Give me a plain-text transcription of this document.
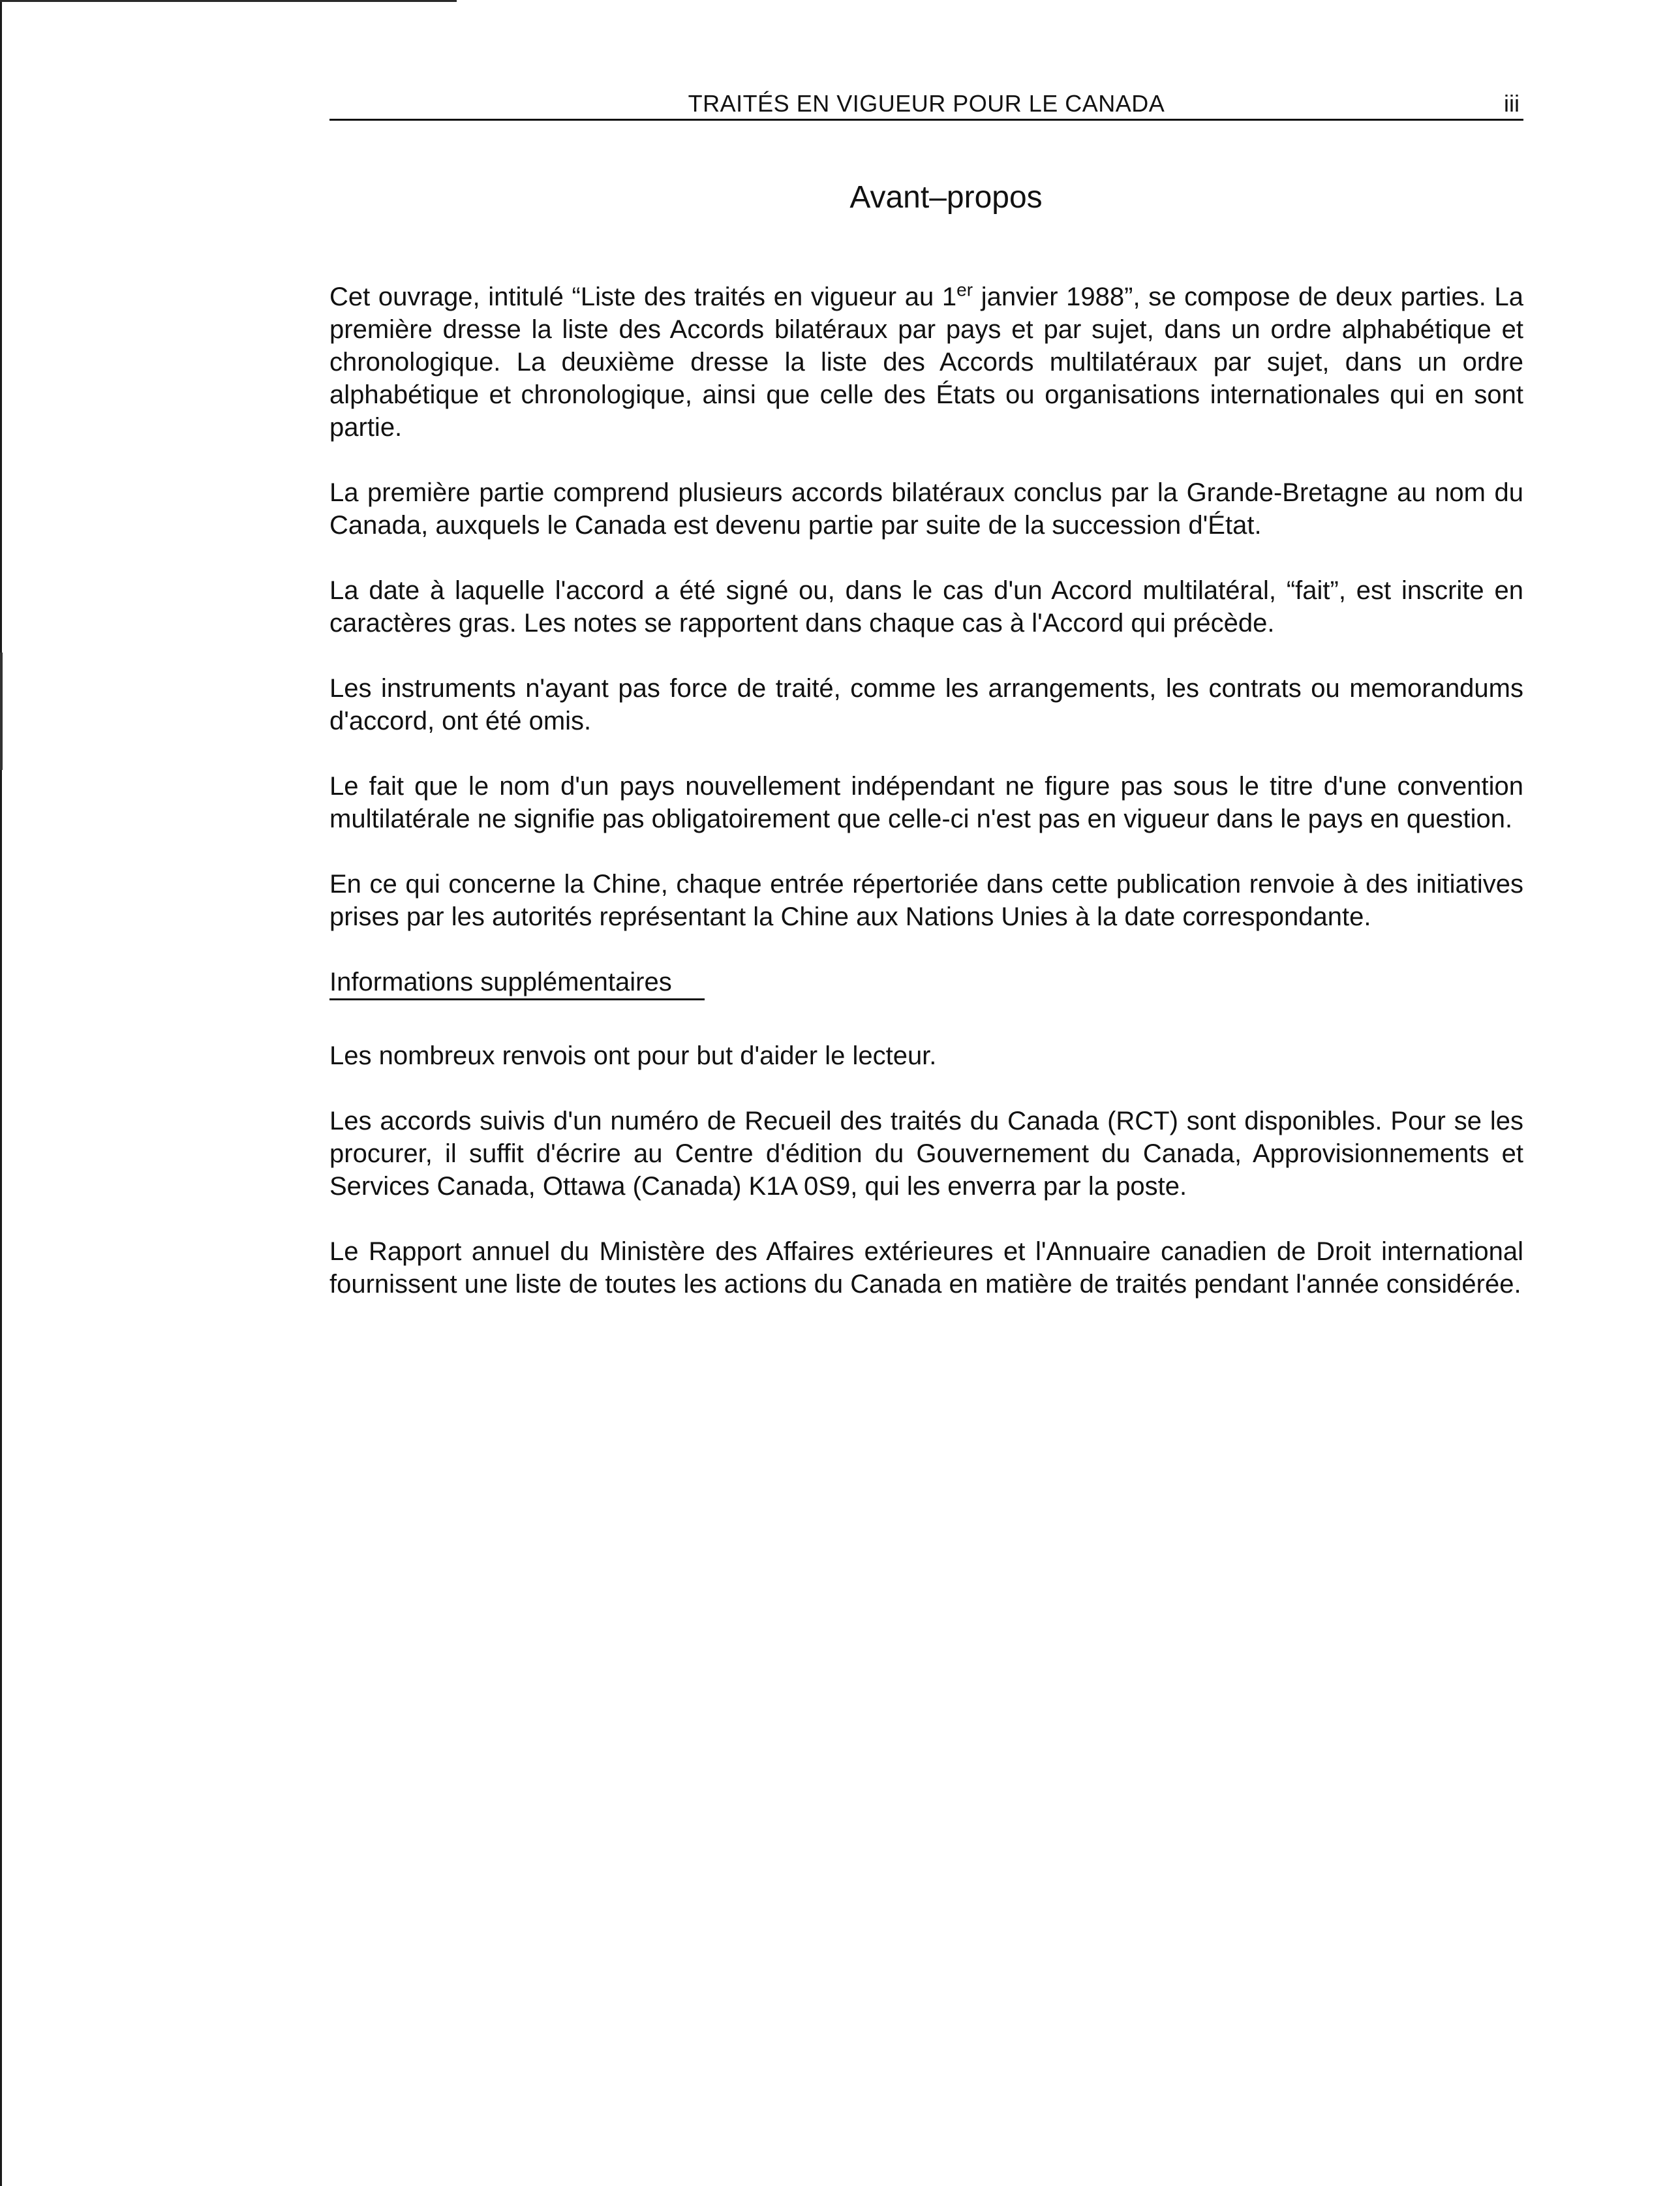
TRAITÉS EN VIGUEUR POUR LE CANADA	iii
Avant–propos

Cet ouvrage, intitulé “Liste des traités en vigueur au 1er janvier 1988”, se compose de deux parties. La première dresse la liste des Accords bilatéraux par pays et par sujet, dans un ordre alphabétique et chronologique. La deuxième dresse la liste des Accords multilatéraux par sujet, dans un ordre alphabétique et chronologique, ainsi que celle des États ou organisations internationales qui en sont partie.

La première partie comprend plusieurs accords bilatéraux conclus par la Grande-Bretagne au nom du Canada, auxquels le Canada est devenu partie par suite de la succession d'État.

La date à laquelle l'accord a été signé ou, dans le cas d'un Accord multilatéral, “fait”, est inscrite en caractères gras. Les notes se rapportent dans chaque cas à l'Accord qui précède.

Les instruments n'ayant pas force de traité, comme les arrangements, les contrats ou memorandums d'accord, ont été omis.

Le fait que le nom d'un pays nouvellement indépendant ne figure pas sous le titre d'une convention multilatérale ne signifie pas obligatoirement que celle-ci n'est pas en vigueur dans le pays en question.

En ce qui concerne la Chine, chaque entrée répertoriée dans cette publication renvoie à des initiatives prises par les autorités représentant la Chine aux Nations Unies à la date correspondante.

Informations supplémentaires

Les nombreux renvois ont pour but d'aider le lecteur.

Les accords suivis d'un numéro de Recueil des traités du Canada (RCT) sont disponibles. Pour se les procurer, il suffit d'écrire au Centre d'édition du Gouvernement du Canada, Approvisionnements et Services Canada, Ottawa (Canada) K1A 0S9, qui les enverra par la poste.

Le Rapport annuel du Ministère des Affaires extérieures et l'Annuaire canadien de Droit international fournissent une liste de toutes les actions du Canada en matière de traités pendant l'année considérée.
